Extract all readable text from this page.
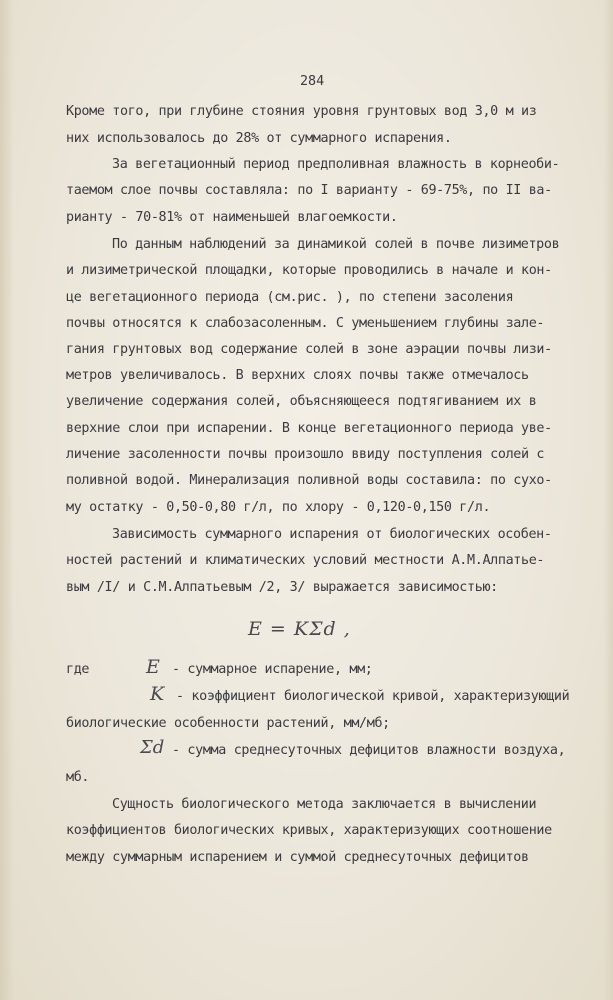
284
Кроме того, при глубине стояния уровня грунтовых вод 3,0 м из
них использовалось до 28% от суммарного испарения.
За вегетационный период предполивная влажность в корнеоби-
таемом слое почвы составляла: по I варианту - 69-75%, по II ва-
рианту - 70-81% от наименьшей влагоемкости.
По данным наблюдений за динамикой солей в почве лизиметров
и лизиметрической площадки, которые проводились в начале и кон-
це вегетационного периода (см.рис. ), по степени засоления
почвы относятся к слабозасоленным. С уменьшением глубины зале-
гания грунтовых вод содержание солей в зоне аэрации почвы лизи-
метров увеличивалось. В верхних слоях почвы также отмечалось
увеличение содержания солей, объясняющееся подтягиванием их в
верхние слои при испарении. В конце вегетационного периода уве-
личение засоленности почвы произошло ввиду поступления солей с
поливной водой. Минерализация поливной воды составила: по сухо-
му остатку - 0,50-0,80 г/л, по хлору - 0,120-0,150 г/л.
Зависимость суммарного испарения от биологических особен-
ностей растений и климатических условий местности А.М.Алпатье-
вым /I/ и С.М.Алпатьевым /2, 3/ выражается зависимостью:
E = KΣd ,
где	E - суммарное испарение, мм;
K - коэффициент биологической кривой, характеризующий
биологические особенности растений, мм/мб;
Σd - сумма среднесуточных дефицитов влажности воздуха,
мб.
Сущность биологического метода заключается в вычислении
коэффициентов биологических кривых, характеризующих соотношение
между суммарным испарением и суммой среднесуточных дефицитов
